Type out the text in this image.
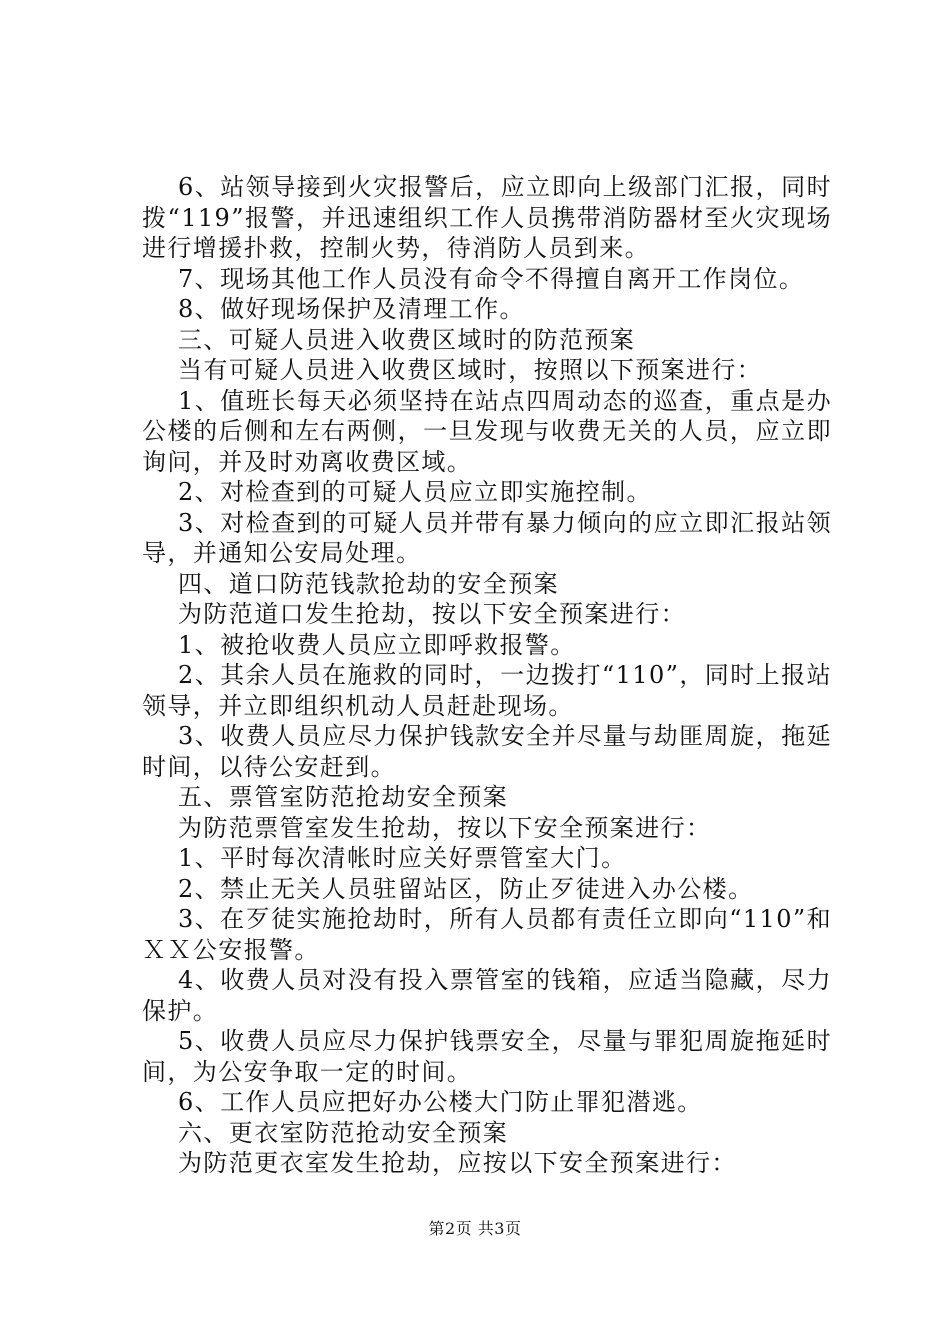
6、站领导接到火灾报警后，应立即向上级部门汇报，同时拨“119”报警，并迅速组织工作人员携带消防器材至火灾现场进行增援扑救，控制火势，待消防人员到来。

7、现场其他工作人员没有命令不得擅自离开工作岗位。

8、做好现场保护及清理工作。

三、可疑人员进入收费区域时的防范预案

当有可疑人员进入收费区域时，按照以下预案进行：

1、值班长每天必须坚持在站点四周动态的巡查，重点是办公楼的后侧和左右两侧，一旦发现与收费无关的人员，应立即询问，并及时劝离收费区域。

2、对检查到的可疑人员应立即实施控制。

3、对检查到的可疑人员并带有暴力倾向的应立即汇报站领导，并通知公安局处理。

四、道口防范钱款抢劫的安全预案

为防范道口发生抢劫，按以下安全预案进行：

1、被抢收费人员应立即呼救报警。

2、其余人员在施救的同时，一边拨打“110”，同时上报站领导，并立即组织机动人员赶赴现场。

3、收费人员应尽力保护钱款安全并尽量与劫匪周旋，拖延时间，以待公安赶到。

五、票管室防范抢劫安全预案

为防范票管室发生抢劫，按以下安全预案进行：

1、平时每次清帐时应关好票管室大门。

2、禁止无关人员驻留站区，防止歹徒进入办公楼。

3、在歹徒实施抢劫时，所有人员都有责任立即向“110”和ＸＸ公安报警。

4、收费人员对没有投入票管室的钱箱，应适当隐藏，尽力保护。

5、收费人员应尽力保护钱票安全，尽量与罪犯周旋拖延时间，为公安争取一定的时间。

6、工作人员应把好办公楼大门防止罪犯潜逃。

六、更衣室防范抢动安全预案

为防范更衣室发生抢劫，应按以下安全预案进行：

第2页 共3页
